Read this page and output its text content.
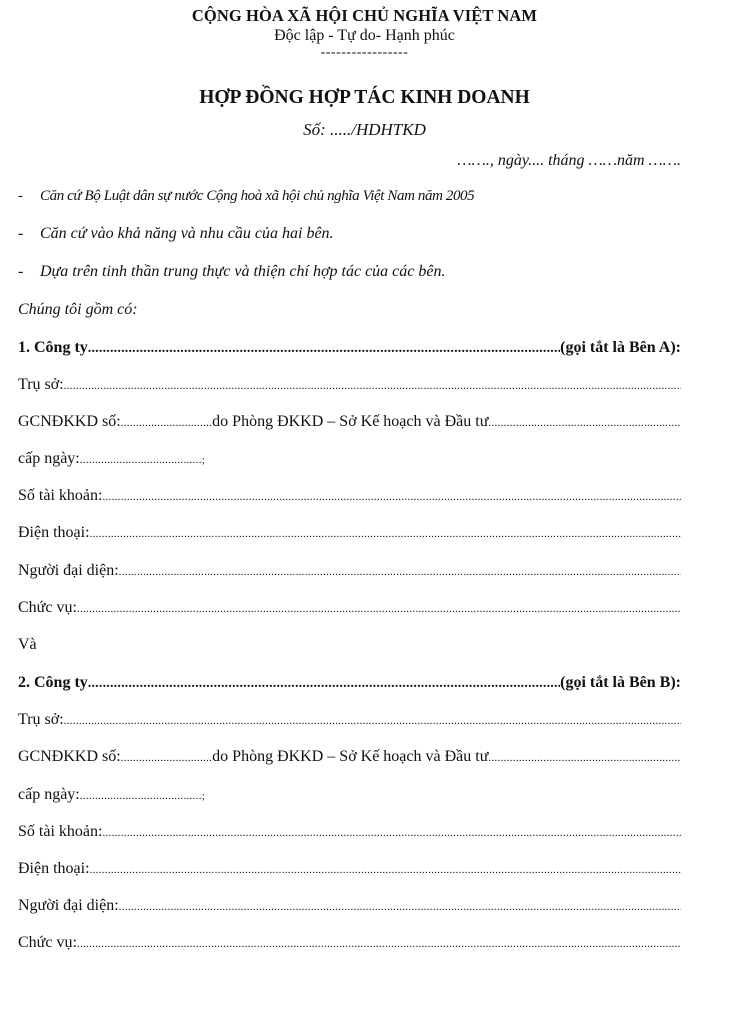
CỘNG HÒA XÃ HỘI CHỦ NGHĨA VIỆT NAM
Độc lập - Tự do- Hạnh phúc
-----------------
HỢP ĐỒNG HỢP TÁC KINH DOANH
Số: ...../HDHTKD
……., ngày.... tháng ……năm …….
- Căn cứ Bộ Luật dân sự nước Cộng hoà xã hội chủ nghĩa Việt Nam năm 2005
- Căn cứ vào khả năng và nhu cầu của hai bên.
- Dựa trên tinh thần trung thực và thiện chí hợp tác của các bên.
Chúng tôi gồm có:
1. Công ty .....	(gọi tắt là Bên A):
Trụ sở:
.....
GCNĐKKD số: .............................. do Phòng ĐKKD – Sở Kế hoạch và Đầu tư
.....
cấp ngày: ........................................;
Số tài khoản:
.....
Điện thoại:
.....
Người đại diện:
.....
Chức vụ:
.....
Và
2. Công ty .....	(gọi tắt là Bên B):
Trụ sở:
.....
GCNĐKKD số: .............................. do Phòng ĐKKD – Sở Kế hoạch và Đầu tư
.....
cấp ngày: ........................................;
Số tài khoản:
.....
Điện thoại:
.....
Người đại diện:
.....
Chức vụ:
.....
